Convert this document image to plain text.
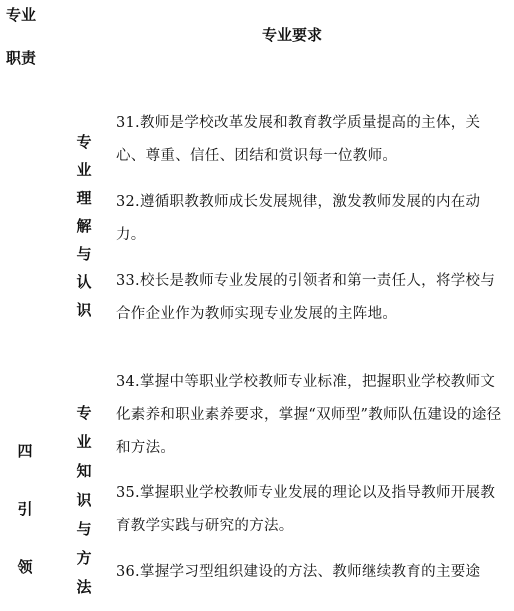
专业
职责
专业要求
专
业
理
解
与
认
识
专
业
知
识
与
方
法
四
引
领
31.教师是学校改革发展和教育教学质量提高的主体，关心、尊重、信任、团结和赏识每一位教师。
32.遵循职教教师成长发展规律，激发教师发展的内在动力。
33.校长是教师专业发展的引领者和第一责任人，将学校与合作企业作为教师实现专业发展的主阵地。
34.掌握中等职业学校教师专业标准，把握职业学校教师文化素养和职业素养要求，掌握“双师型”教师队伍建设的途径和方法。
35.掌握职业学校教师专业发展的理论以及指导教师开展教育教学实践与研究的方法。
36.掌握学习型组织建设的方法、教师继续教育的主要途
